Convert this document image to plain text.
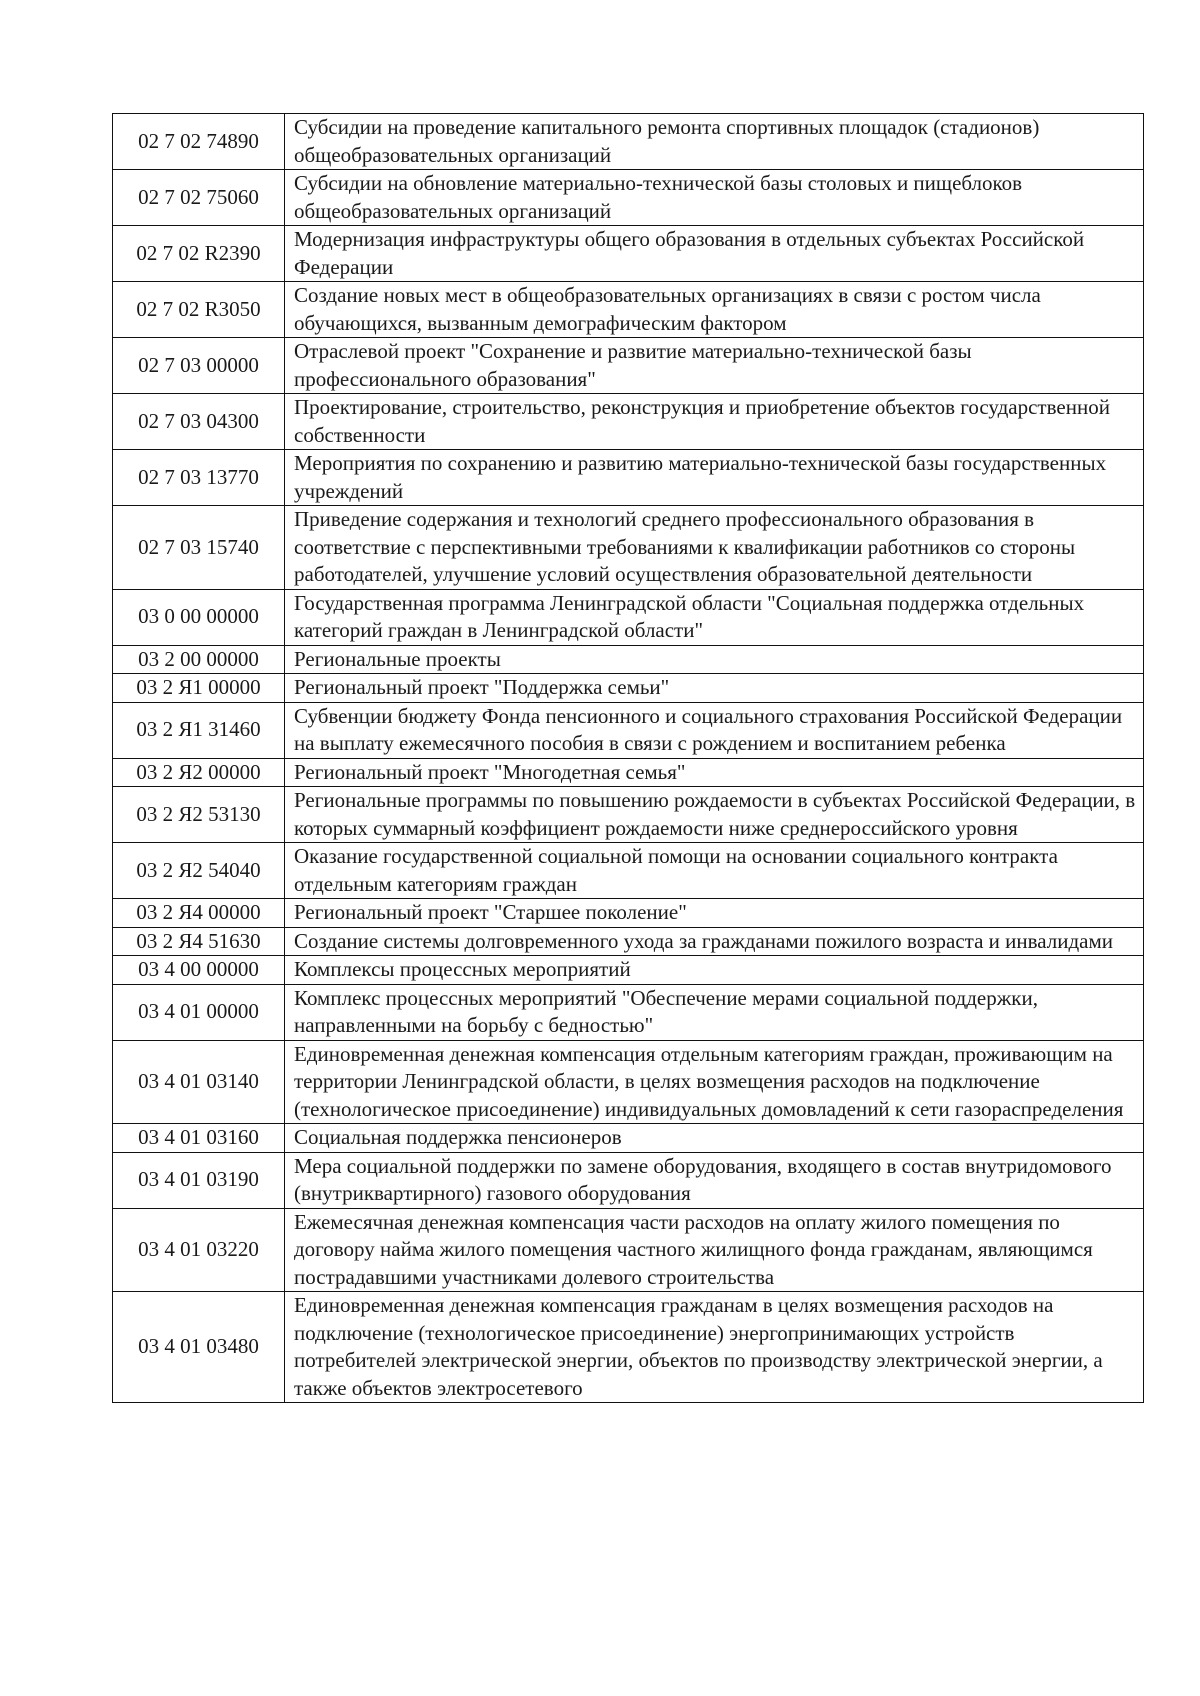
02 7 02 74890	Субсидии на проведение капитального ремонта спортивных площадок (стадионов) общеобразовательных организаций
02 7 02 75060	Субсидии на обновление материально-технической базы столовых и пищеблоков общеобразовательных организаций
02 7 02 R2390	Модернизация инфраструктуры общего образования в отдельных субъектах Российской Федерации
02 7 02 R3050	Создание новых мест в общеобразовательных организациях в связи с ростом числа обучающихся, вызванным демографическим фактором
02 7 03 00000	Отраслевой проект "Сохранение и развитие материально-технической базы профессионального образования"
02 7 03 04300	Проектирование, строительство, реконструкция и приобретение объектов государственной собственности
02 7 03 13770	Мероприятия по сохранению и развитию материально-технической базы государственных учреждений
02 7 03 15740	Приведение содержания и технологий среднего профессионального образования в соответствие с перспективными требованиями к квалификации работников со стороны работодателей, улучшение условий осуществления образовательной деятельности
03 0 00 00000	Государственная программа Ленинградской области "Социальная поддержка отдельных категорий граждан в Ленинградской области"
03 2 00 00000	Региональные проекты
03 2 Я1 00000	Региональный проект "Поддержка семьи"
03 2 Я1 31460	Субвенции бюджету Фонда пенсионного и социального страхования Российской Федерации на выплату ежемесячного пособия в связи с рождением и воспитанием ребенка
03 2 Я2 00000	Региональный проект "Многодетная семья"
03 2 Я2 53130	Региональные программы по повышению рождаемости в субъектах Российской Федерации, в которых суммарный коэффициент рождаемости ниже среднероссийского уровня
03 2 Я2 54040	Оказание государственной социальной помощи на основании социального контракта отдельным категориям граждан
03 2 Я4 00000	Региональный проект "Старшее поколение"
03 2 Я4 51630	Создание системы долговременного ухода за гражданами пожилого возраста и инвалидами
03 4 00 00000	Комплексы процессных мероприятий
03 4 01 00000	Комплекс процессных мероприятий "Обеспечение мерами социальной поддержки, направленными на борьбу с бедностью"
03 4 01 03140	Единовременная денежная компенсация отдельным категориям граждан, проживающим на территории Ленинградской области, в целях возмещения расходов на подключение (технологическое присоединение) индивидуальных домовладений к сети газораспределения
03 4 01 03160	Социальная поддержка пенсионеров
03 4 01 03190	Мера социальной поддержки по замене оборудования, входящего в состав внутридомового (внутриквартирного) газового оборудования
03 4 01 03220	Ежемесячная денежная компенсация части расходов на оплату жилого помещения по договору найма жилого помещения частного жилищного фонда гражданам, являющимся пострадавшими участниками долевого строительства
03 4 01 03480	Единовременная денежная компенсация гражданам в целях возмещения расходов на подключение (технологическое присоединение) энергопринимающих устройств потребителей электрической энергии, объектов по производству электрической энергии, а также объектов электросетевого
